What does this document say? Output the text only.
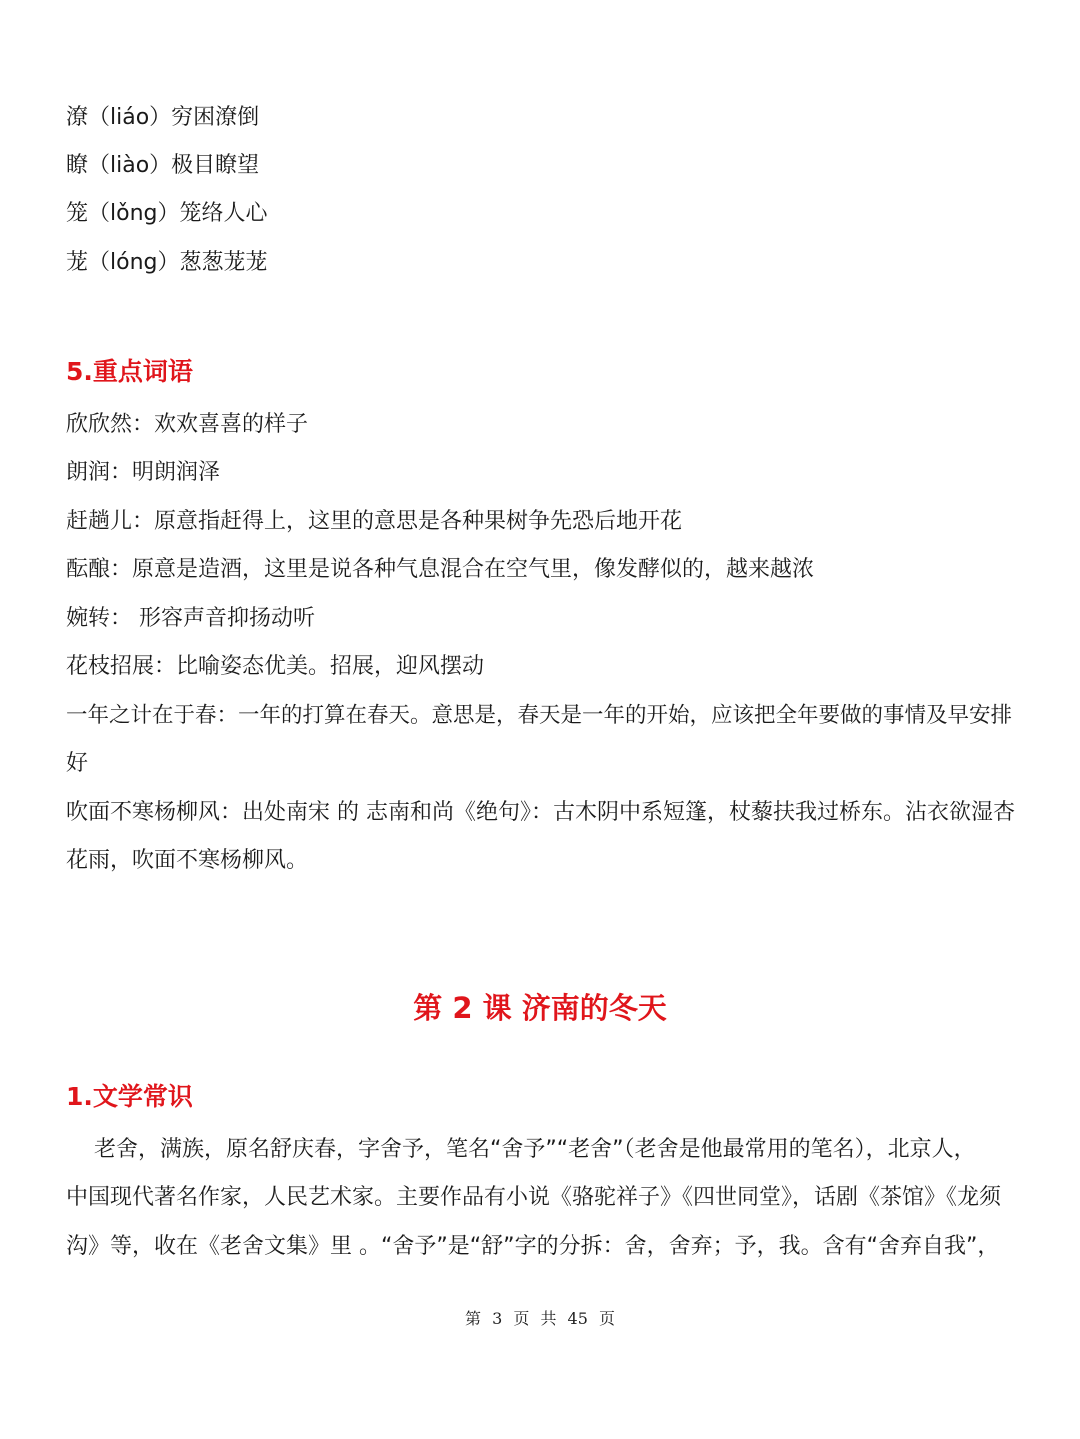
潦（liáo）穷困潦倒
瞭（liào）极目瞭望
笼（lǒng）笼络人心
茏（lóng）葱葱茏茏
5.重点词语
欣欣然：欢欢喜喜的样子
朗润：明朗润泽
赶趟儿：原意指赶得上，这里的意思是各种果树争先恐后地开花
酝酿：原意是造酒，这里是说各种气息混合在空气里，像发酵似的，越来越浓
婉转： 形容声音抑扬动听
花枝招展：比喻姿态优美。招展，迎风摆动
一年之计在于春：一年的打算在春天。意思是，春天是一年的开始，应该把全年要做的事情及早安排
好
吹面不寒杨柳风：出处南宋 的 志南和尚《绝句》：古木阴中系短篷，杖藜扶我过桥东。沾衣欲湿杏
花雨，吹面不寒杨柳风。
第 2 课 济南的冬天
1.文学常识
老舍，满族，原名舒庆春，字舍予，笔名“舍予”“老舍”（老舍是他最常用的笔名），北京人，
中国现代著名作家，人民艺术家。主要作品有小说《骆驼祥子》《四世同堂》，话剧《茶馆》《龙须
沟》等，收在《老舍文集》里 。“舍予”是“舒”字的分拆：舍，舍弃；予，我。含有“舍弃自我”，
第 3 页 共 45 页
